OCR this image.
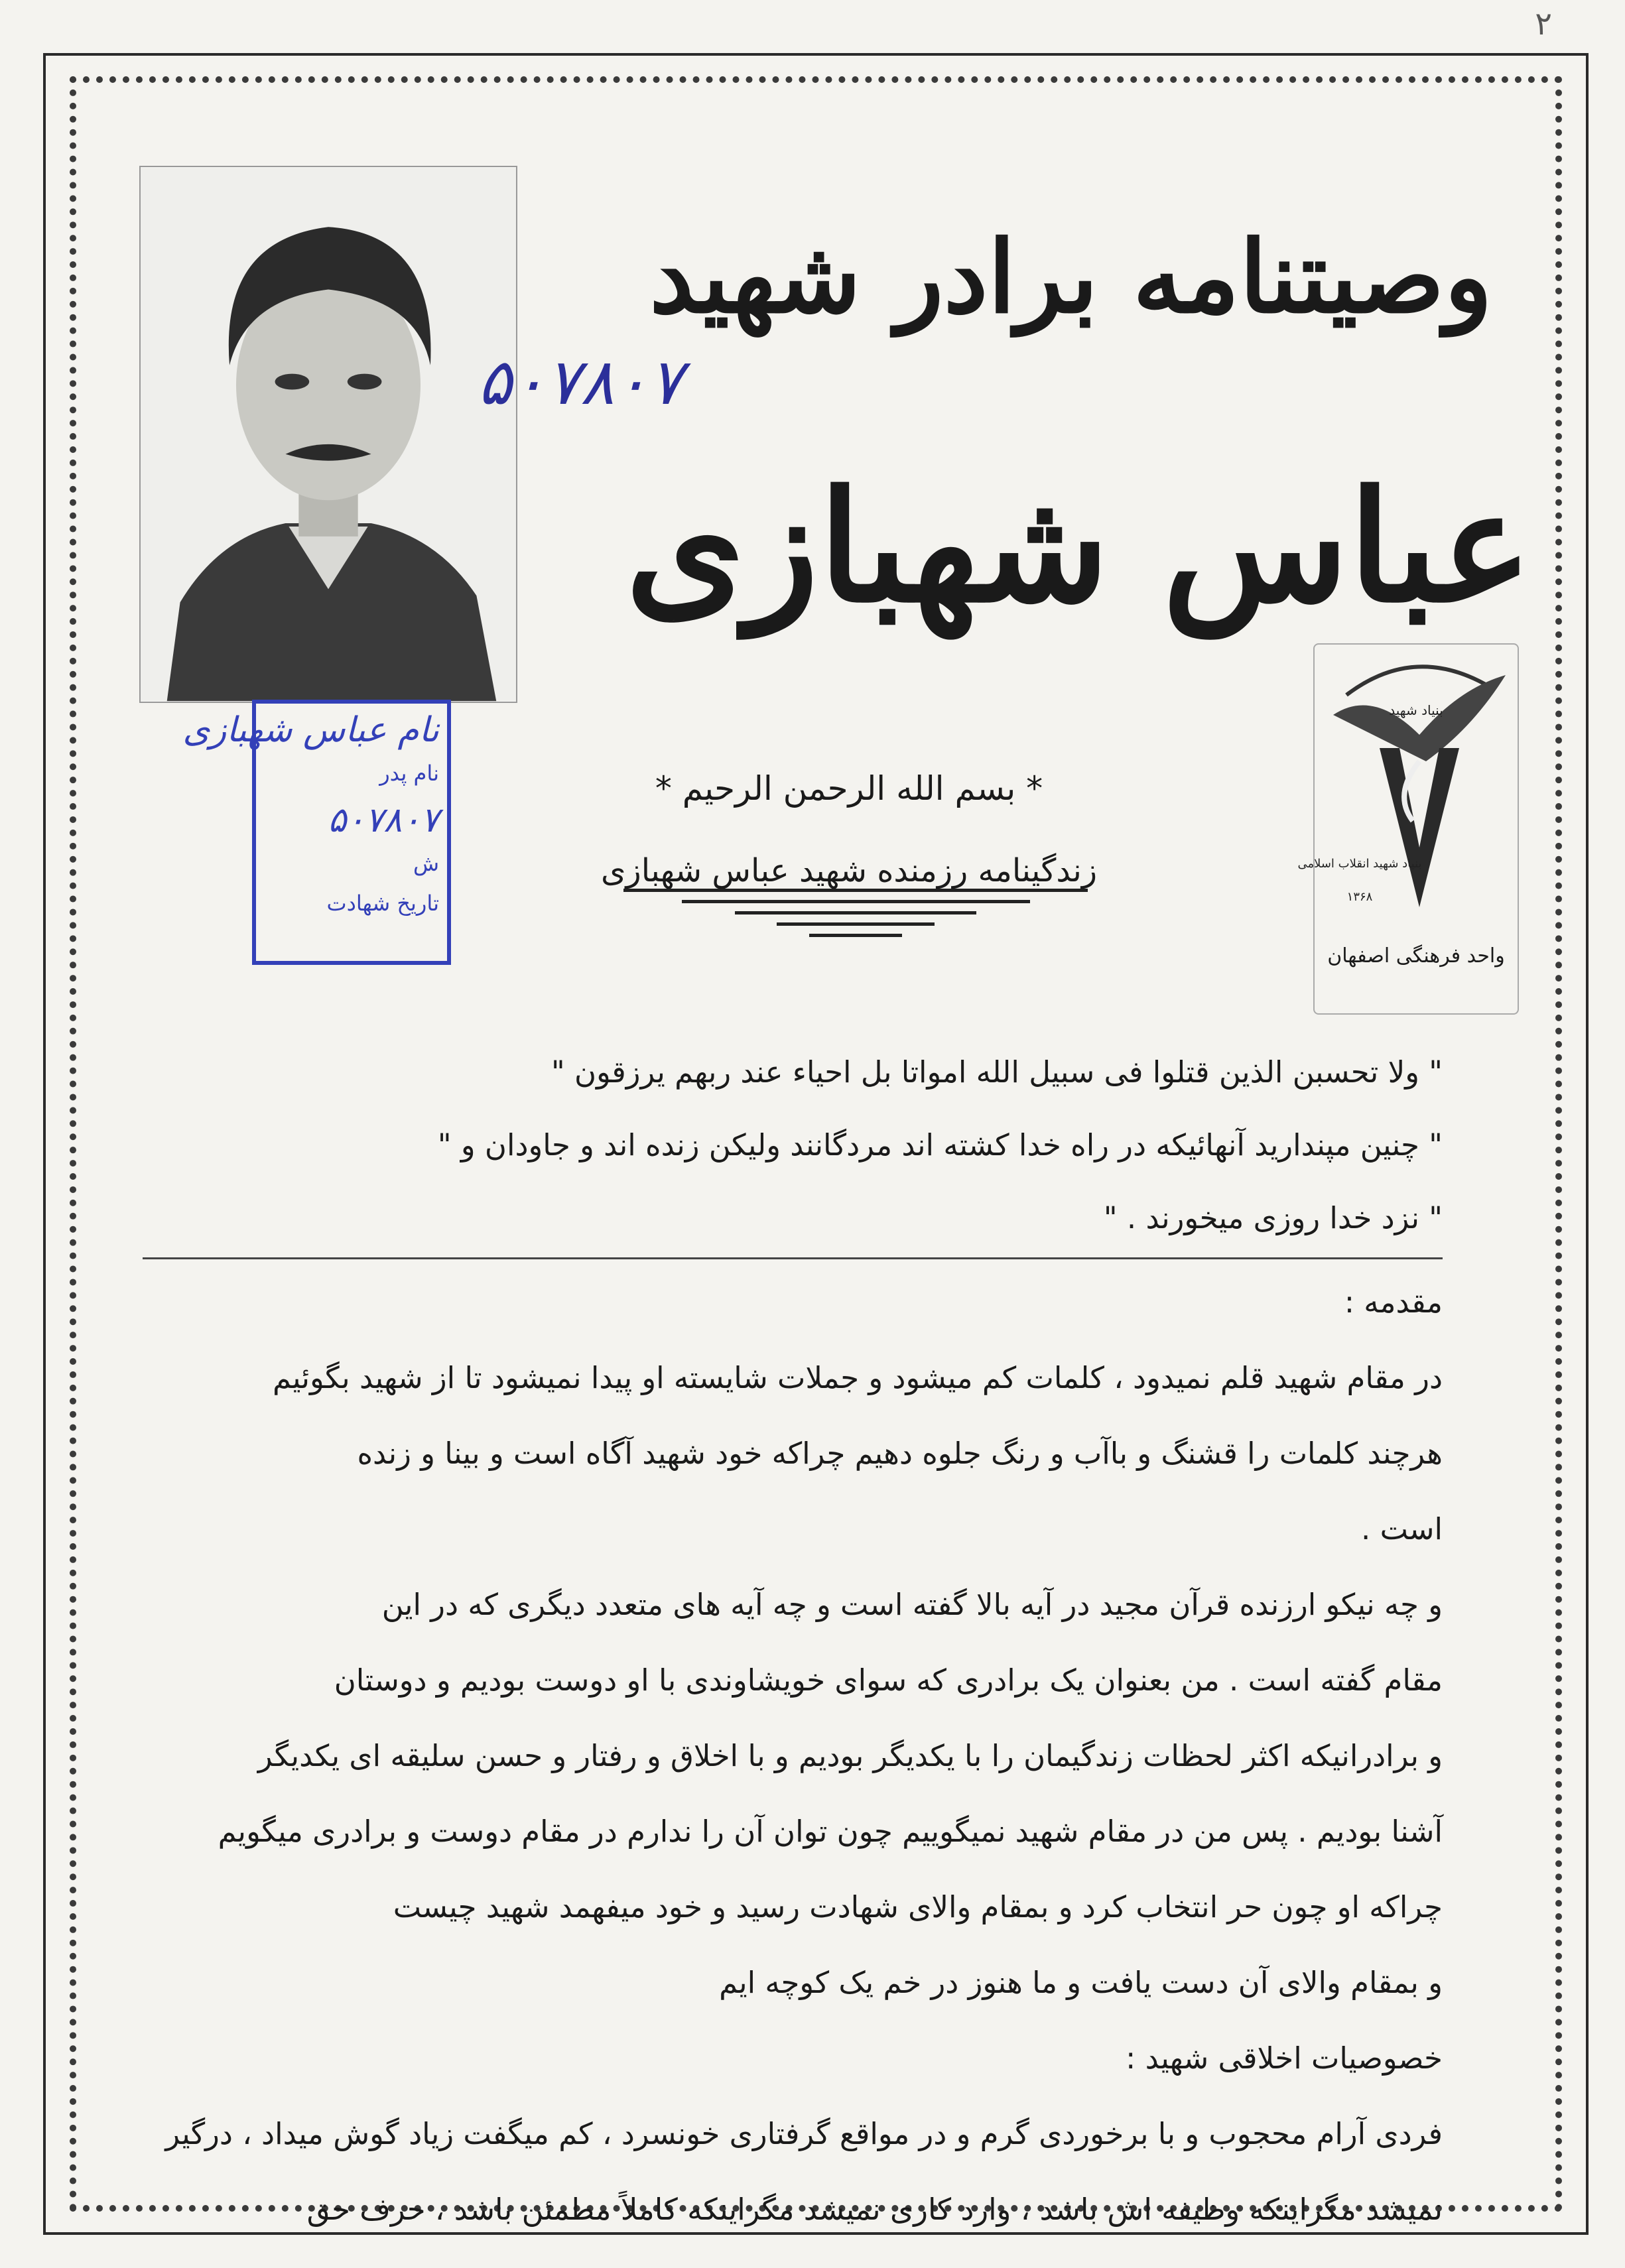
۲
۵۰۷۸۰۷
وصیتنامه برادر شهید
عباس شهبازی
نام عباس شهبازی
نام پدر
۵۰۷۸۰۷
ش
تاریخ شهادت
بنیاد شهید
بنیاد شهید انقلاب اسلامی
۱۳۶۸
واحد فرهنگی اصفهان
* بسم الله الرحمن الرحیم *
زندگینامه رزمنده شهید عباس شهبازی
" ولا تحسبن الذین قتلوا فی سبیل الله امواتا بل احیاء عند ربهم یرزقون "
" چنین مپندارید آنهائیکه در راه خدا کشته اند مردگانند ولیکن زنده اند و جاودان و "
" نزد خدا روزی میخورند . "
مقدمه :
در مقام شهید قلم نمیدود ، کلمات کم میشود و جملات شایسته او پیدا نمیشود تا از شهید بگوئیم
هرچند کلمات را قشنگ و باآب و رنگ جلوه دهیم چراکه خود شهید آگاه است و بینا و زنده
است .
و چه نیکو ارزنده قرآن مجید در آیه بالا گفته است و چه آیه های متعدد دیگری که در این
مقام گفته است . من بعنوان یک برادری که سوای خویشاوندی با او دوست بودیم و دوستان
و برادرانیکه اکثر لحظات زندگیمان را با یکدیگر بودیم و با اخلاق و رفتار و حسن سلیقه ای یکدیگر
آشنا بودیم . پس من در مقام شهید نمیگوییم چون توان آن را ندارم در مقام دوست و برادری میگویم
چراکه او چون حر انتخاب کرد و بمقام والای شهادت رسید و خود میفهمد شهید چیست
و بمقام والای آن دست یافت و ما هنوز در خم یک کوچه ایم
خصوصیات اخلاقی شهید :
فردی آرام محجوب و با برخوردی گرم و در مواقع گرفتاری خونسرد ، کم میگفت زیاد گوش میداد ، درگیر
نمیشد مگراینکه وظیفه اش باشد ، وارد کاری نمیشد مگراینکه کاملاً مطمئن باشد ، حرف حق
